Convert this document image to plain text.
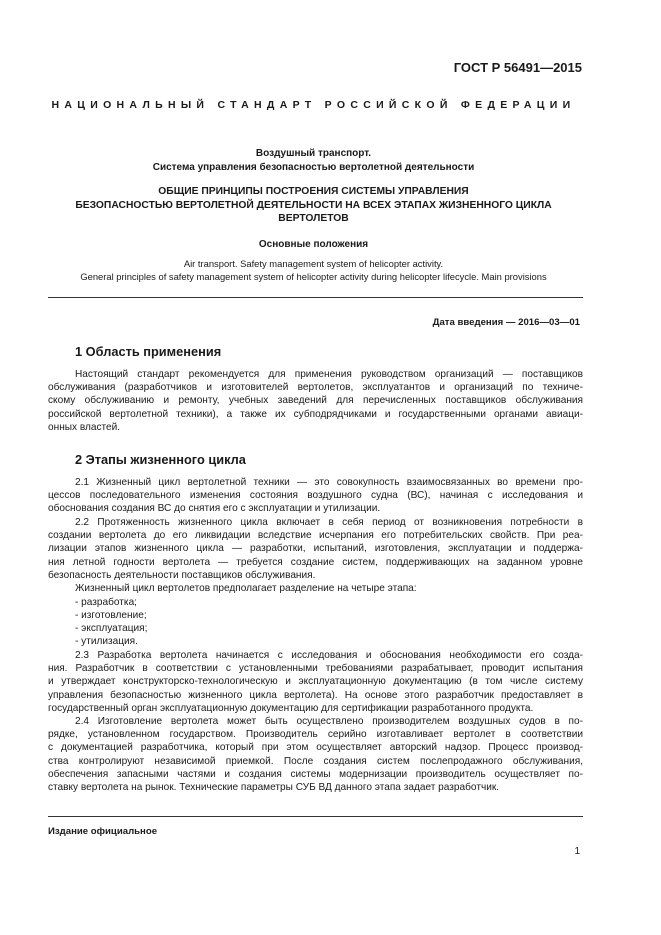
ГОСТ Р 56491—2015
НАЦИОНАЛЬНЫЙ СТАНДАРТ РОССИЙСКОЙ ФЕДЕРАЦИИ
Воздушный транспорт.
Система управления безопасностью вертолетной деятельности
ОБЩИЕ ПРИНЦИПЫ ПОСТРОЕНИЯ СИСТЕМЫ УПРАВЛЕНИЯ
БЕЗОПАСНОСТЬЮ ВЕРТОЛЕТНОЙ ДЕЯТЕЛЬНОСТИ НА ВСЕХ ЭТАПАХ ЖИЗНЕННОГО ЦИКЛА
ВЕРТОЛЕТОВ
Основные положения
Air transport. Safety management system of helicopter activity.
General principles of safety management system of helicopter activity during helicopter lifecycle. Main provisions
Дата введения — 2016—03—01
1 Область применения
Настоящий стандарт рекомендуется для применения руководством организаций — поставщиков
обслуживания (разработчиков и изготовителей вертолетов, эксплуатантов и организаций по техниче-
скому обслуживанию и ремонту, учебных заведений для перечисленных поставщиков обслуживания
российской вертолетной техники), а также их субподрядчиками и государственными органами авиаци-
онных властей.
2 Этапы жизненного цикла
2.1 Жизненный цикл вертолетной техники — это совокупность взаимосвязанных во времени про-
цессов последовательного изменения состояния воздушного судна (ВС), начиная с исследования и
обоснования создания ВС до снятия его с эксплуатации и утилизации.
2.2 Протяженность жизненного цикла включает в себя период от возникновения потребности в
создании вертолета до его ликвидации вследствие исчерпания его потребительских свойств. При реа-
лизации этапов жизненного цикла — разработки, испытаний, изготовления, эксплуатации и поддержа-
ния летной годности вертолета — требуется создание систем, поддерживающих на заданном уровне
безопасность деятельности поставщиков обслуживания.
Жизненный цикл вертолетов предполагает разделение на четыре этапа:
- разработка;
- изготовление;
- эксплуатация;
- утилизация.
2.3 Разработка вертолета начинается с исследования и обоснования необходимости его созда-
ния. Разработчик в соответствии с установленными требованиями разрабатывает, проводит испытания
и утверждает конструкторско-технологическую и эксплуатационную документацию (в том числе систему
управления безопасностью жизненного цикла вертолета). На основе этого разработчик предоставляет в
государственный орган эксплуатационную документацию для сертификации разработанного продукта.
2.4 Изготовление вертолета может быть осуществлено производителем воздушных судов в по-
рядке, установленном государством. Производитель серийно изготавливает вертолет в соответствии
с документацией разработчика, который при этом осуществляет авторский надзор. Процесс производ-
ства контролируют независимой приемкой. После создания систем послепродажного обслуживания,
обеспечения запасными частями и создания системы модернизации производитель осуществляет по-
ставку вертолета на рынок. Технические параметры СУБ ВД данного этапа задает разработчик.
Издание официальное
1
